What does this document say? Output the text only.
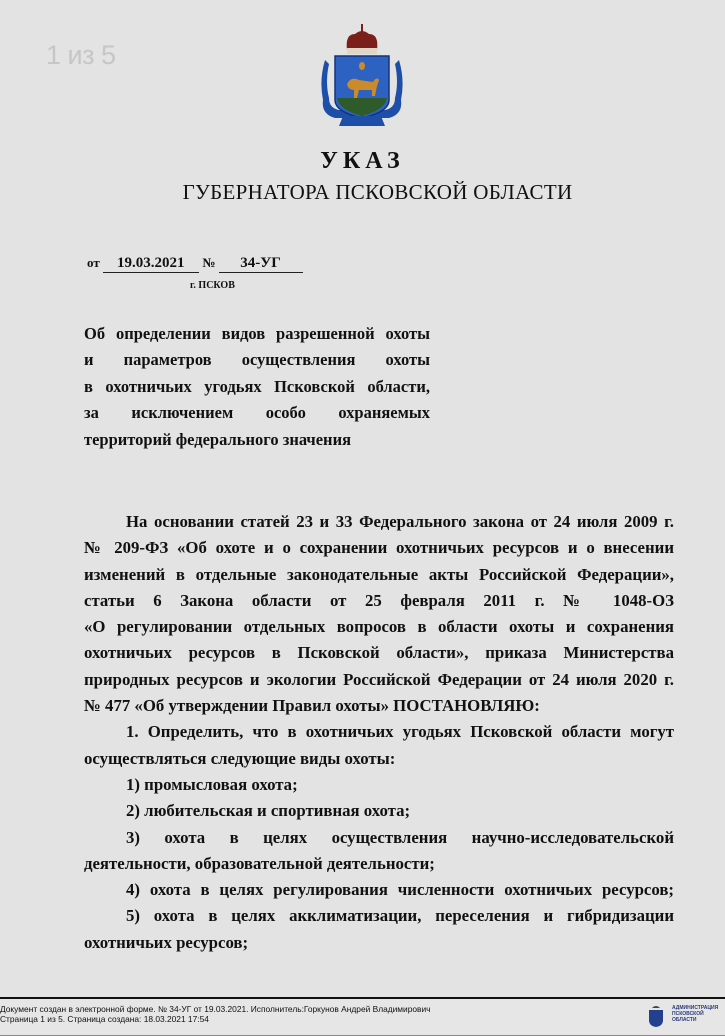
1 из 5
УКАЗ
ГУБЕРНАТОРА ПСКОВСКОЙ ОБЛАСТИ
от 19.03.2021 № 34-УГ
г. ПСКОВ
Об определении видов разрешенной охоты
и параметров осуществления охоты
в охотничьих угодьях Псковской области,
за исключением особо охраняемых
территорий федерального значения
На основании статей 23 и 33 Федерального закона от 24 июля 2009 г.
№ 209-ФЗ «Об охоте и о сохранении охотничьих ресурсов и о внесении
изменений в отдельные законодательные акты Российской Федерации»,
статьи 6 Закона области от 25 февраля 2011 г. № 1048-ОЗ
«О регулировании отдельных вопросов в области охоты и сохранения
охотничьих ресурсов в Псковской области», приказа Министерства
природных ресурсов и экологии Российской Федерации от 24 июля 2020 г.
№ 477 «Об утверждении Правил охоты» ПОСТАНОВЛЯЮ:
1. Определить, что в охотничьих угодьях Псковской области могут
осуществляться следующие виды охоты:
1) промысловая охота;
2) любительская и спортивная охота;
3) охота в целях осуществления научно-исследовательской
деятельности, образовательной деятельности;
4) охота в целях регулирования численности охотничьих ресурсов;
5) охота в целях акклиматизации, переселения и гибридизации
охотничьих ресурсов;
Документ создан в электронной форме. № 34-УГ от 19.03.2021. Исполнитель:Горкунов Андрей Владимирович
Страница 1 из 5. Страница создана: 18.03.2021 17:54
АДМИНИСТРАЦИЯ
ПСКОВСКОЙ
ОБЛАСТИ
